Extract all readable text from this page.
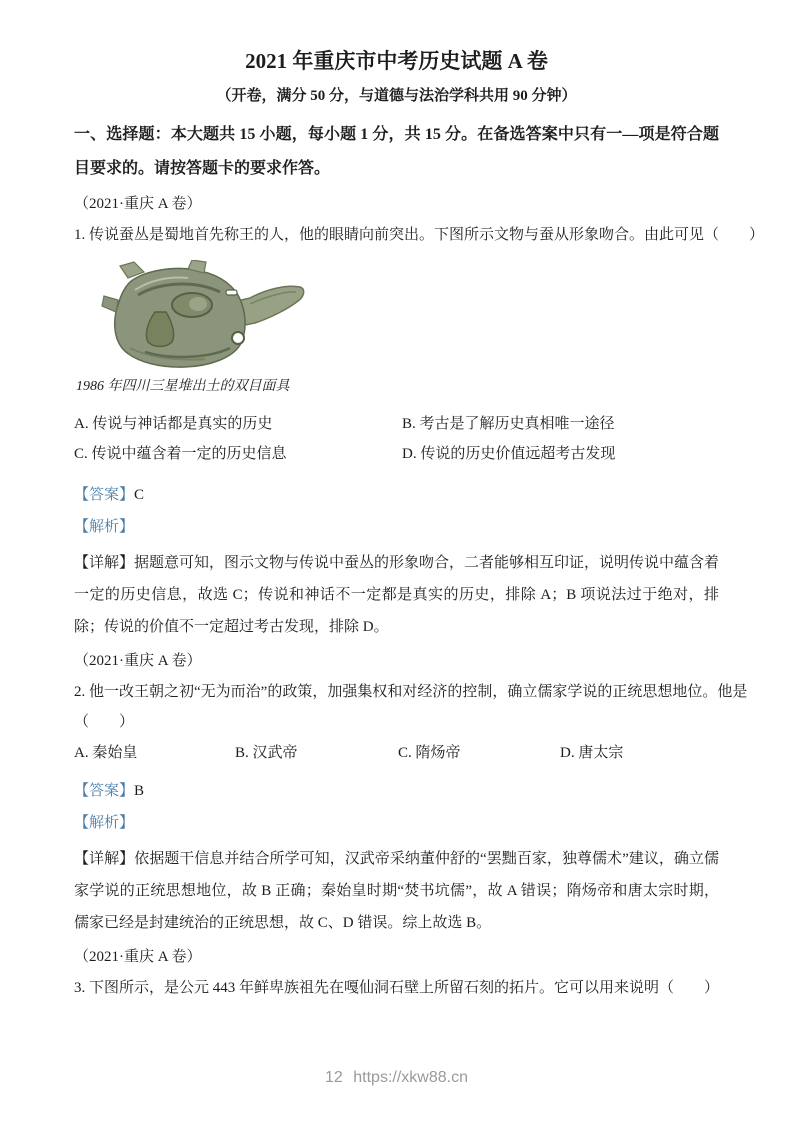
2021 年重庆市中考历史试题 A 卷
（开卷，满分 50 分，与道德与法治学科共用 90 分钟）
一、选择题：本大题共 15 小题，每小题 1 分，共 15 分。在备选答案中只有一—项是符合题目要求的。请按答题卡的要求作答。
（2021·重庆 A 卷）
1. 传说蚕丛是蜀地首先称王的人，他的眼睛向前突出。下图所示文物与蚕从形象吻合。由此可见（　　）
1986 年四川三星堆出土的双目面具
A. 传说与神话都是真实的历史	B. 考古是了解历史真相唯一途径
C. 传说中蕴含着一定的历史信息	D. 传说的历史价值远超考古发现
【答案】C
【解析】

【详解】据题意可知，图示文物与传说中蚕丛的形象吻合，二者能够相互印证，说明传说中蕴含着一定的历史信息，故选 C；传说和神话不一定都是真实的历史，排除 A；B 项说法过于绝对，排除；传说的价值不一定超过考古发现，排除 D。

（2021·重庆 A 卷）
2. 他一改王朝之初“无为而治”的政策，加强集权和对经济的控制，确立儒家学说的正统思想地位。他是
（　　）
A. 秦始皇	B. 汉武帝	C. 隋炀帝	D. 唐太宗
【答案】B
【解析】

【详解】依据题干信息并结合所学可知，汉武帝采纳董仲舒的“罢黜百家，独尊儒术”建议，确立儒家学说的正统思想地位，故 B 正确；秦始皇时期“焚书坑儒”，故 A 错误；隋炀帝和唐太宗时期，儒家已经是封建统治的正统思想，故 C、D 错误。综上故选 B。

（2021·重庆 A 卷）
3. 下图所示，是公元 443 年鲜卑族祖先在嘎仙洞石壁上所留石刻的拓片。它可以用来说明（　　）
12 https://xkw88.cn
